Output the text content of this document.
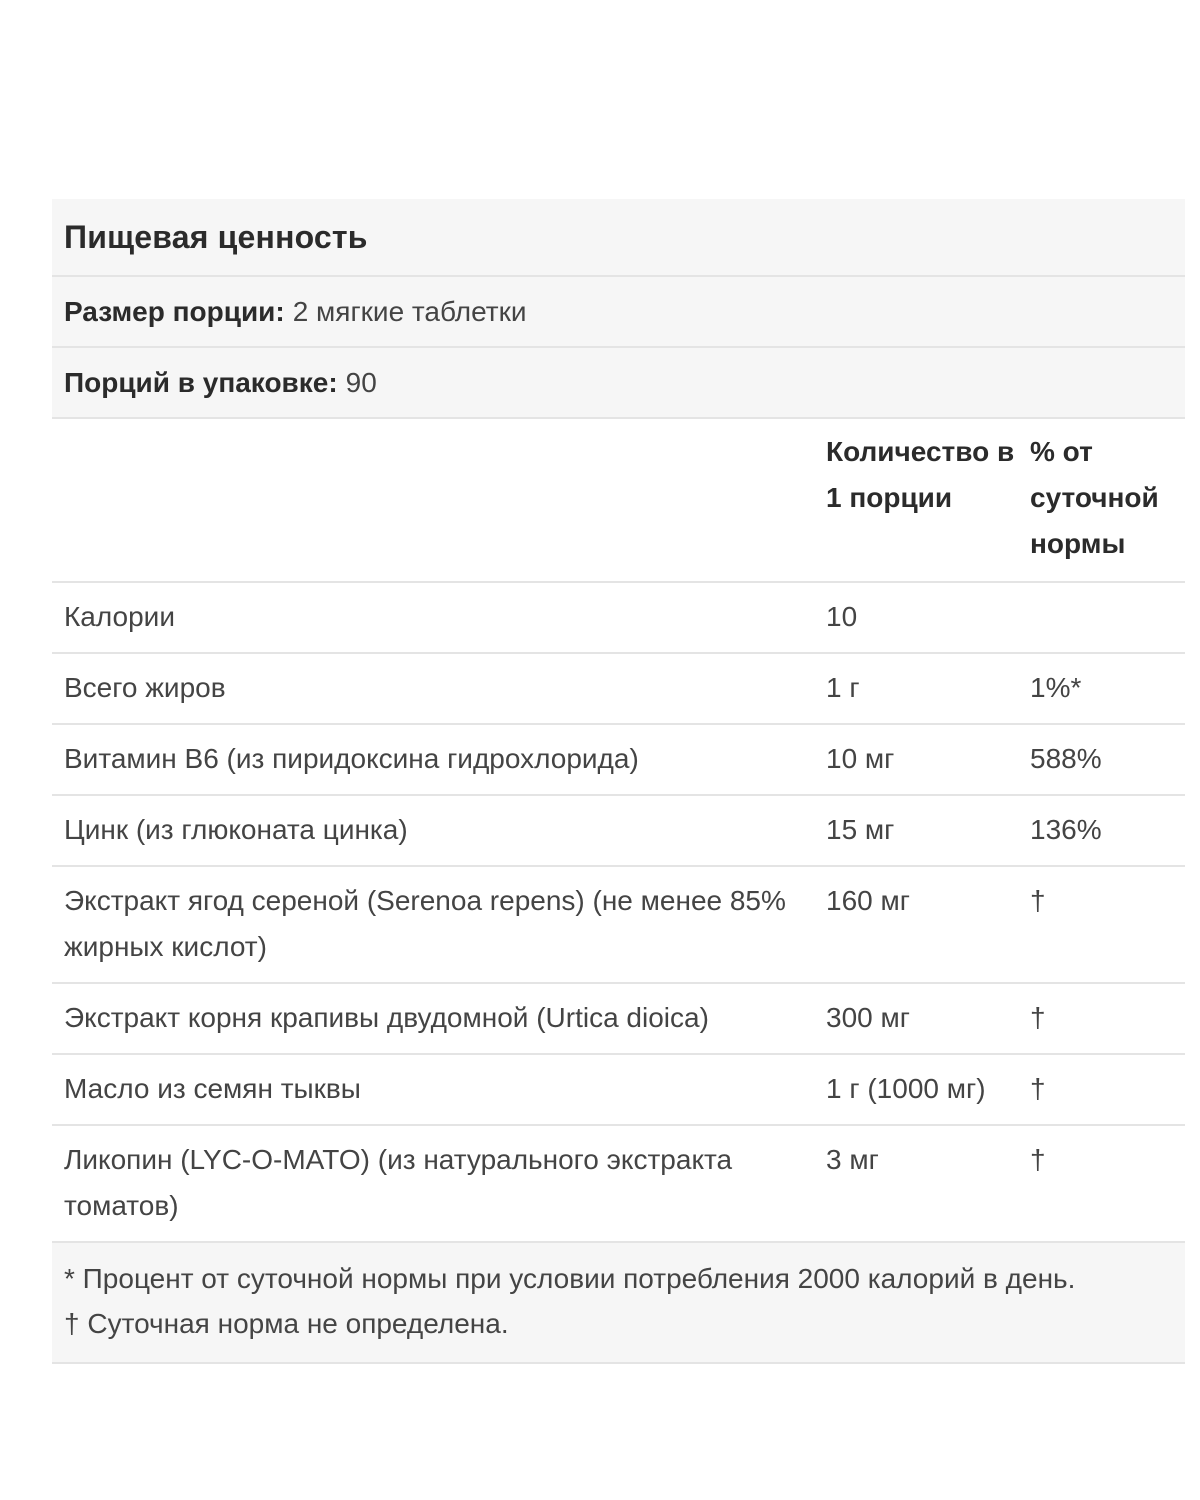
Пищевая ценность
Размер порции: 2 мягкие таблетки
Порций в упаковке: 90
	Количество в 1 порции	% от суточной нормы
Калории	10	
Всего жиров	1 г	1%*
Витамин B6 (из пиридоксина гидрохлорида)	10 мг	588%
Цинк (из глюконата цинка)	15 мг	136%
Экстракт ягод сереной (Serenoa repens) (не менее 85% жирных кислот)	160 мг	†
Экстракт корня крапивы двудомной (Urtica dioica)	300 мг	†
Масло из семян тыквы	1 г (1000 мг)	†
Ликопин (LYC-O-MATO) (из натурального экстракта томатов)	3 мг	†
* Процент от суточной нормы при условии потребления 2000 калорий в день.
† Суточная норма не определена.
